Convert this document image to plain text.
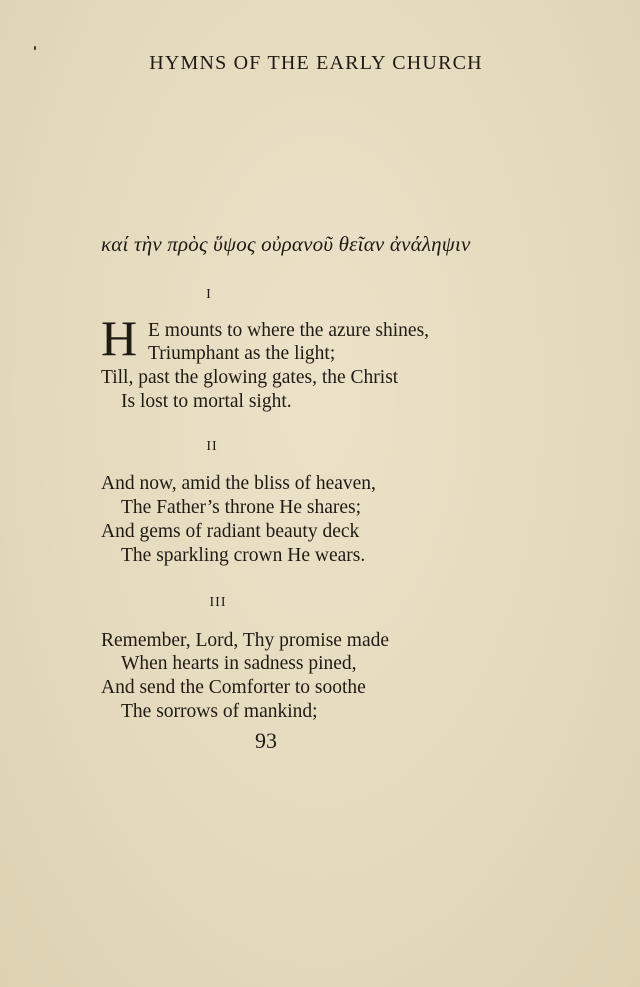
HYMNS OF THE EARLY CHURCH
καί τὴν πρὸς ὕψος οὐρανοῦ θεῖαν ἀνάληψιν
I
H E mounts to where the azure shines,
Triumphant as the light;
Till, past the glowing gates, the Christ
Is lost to mortal sight.
II
And now, amid the bliss of heaven,
The Father’s throne He shares;
And gems of radiant beauty deck
The sparkling crown He wears.
III
Remember, Lord, Thy promise made
When hearts in sadness pined,
And send the Comforter to soothe
The sorrows of mankind;
93
